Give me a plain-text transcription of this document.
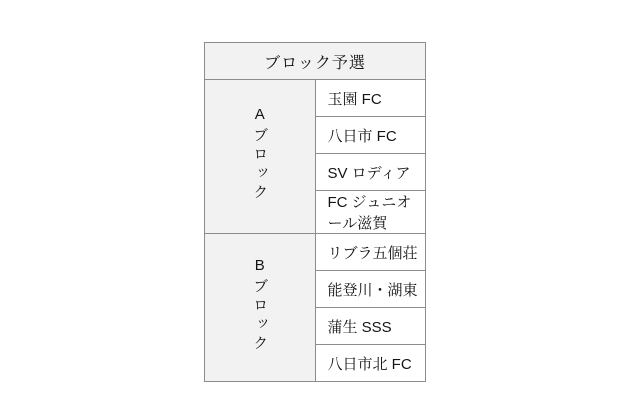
ブロック予選	
Aブロック	玉園 FC
	八日市 FC
	SV ロディア
	FC ジュニオール滋賀
Bブロック	リブラ五個荘
	能登川・湖東
	蒲生 SSS
	八日市北 FC
